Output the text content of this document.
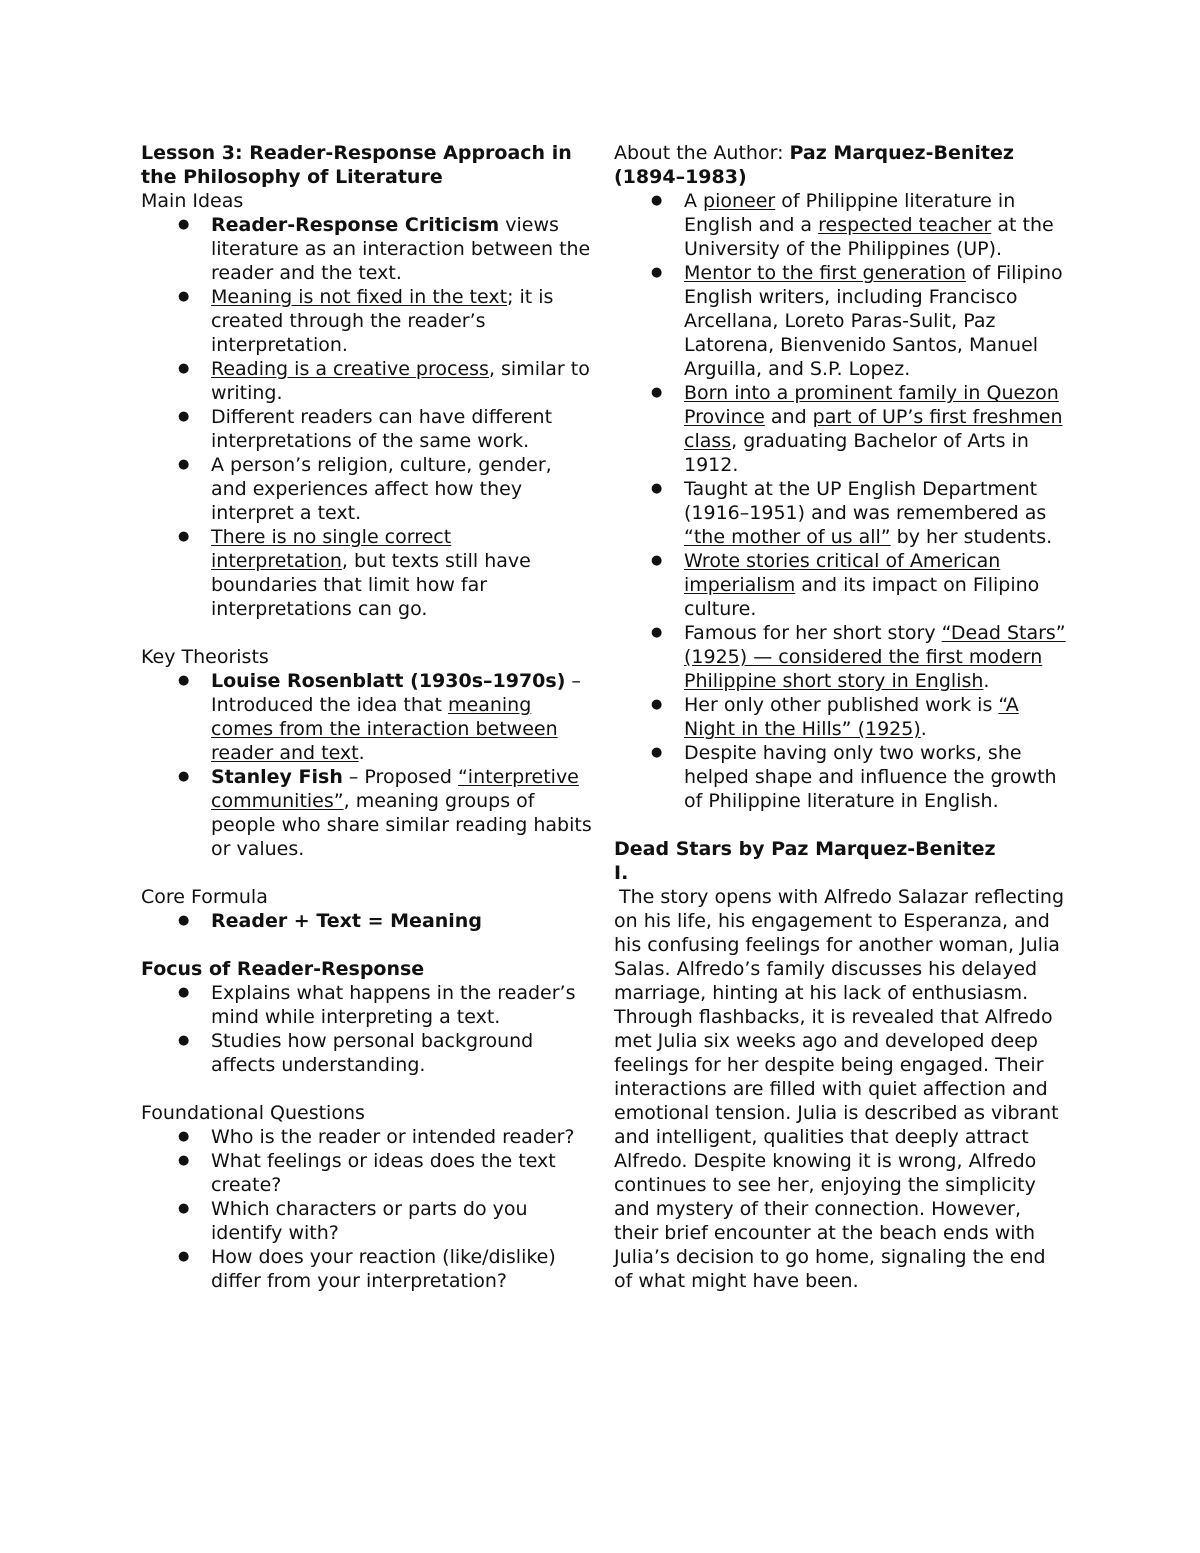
Lesson 3: Reader-Response Approach in the Philosophy of Literature

Main Ideas

● Reader-Response Criticism views literature as an interaction between the reader and the text.
● Meaning is not fixed in the text; it is created through the reader’s interpretation.
● Reading is a creative process, similar to writing.
● Different readers can have different interpretations of the same work.
● A person’s religion, culture, gender, and experiences affect how they interpret a text.
● There is no single correct interpretation, but texts still have boundaries that limit how far interpretations can go.

Key Theorists

● Louise Rosenblatt (1930s–1970s) – Introduced the idea that meaning comes from the interaction between reader and text.
● Stanley Fish – Proposed “interpretive communities”, meaning groups of people who share similar reading habits or values.

Core Formula

● Reader + Text = Meaning
Focus of Reader-Response
● Explains what happens in the reader’s mind while interpreting a text.
● Studies how personal background affects understanding.

Foundational Questions

● Who is the reader or intended reader?
● What feelings or ideas does the text create?
● Which characters or parts do you identify with?
● How does your reaction (like/dislike) differ from your interpretation?

About the Author: Paz Marquez-Benitez (1894–1983)

● A pioneer of Philippine literature in English and a respected teacher at the University of the Philippines (UP).
● Mentor to the first generation of Filipino English writers, including Francisco Arcellana, Loreto Paras-Sulit, Paz Latorena, Bienvenido Santos, Manuel Arguilla, and S.P. Lopez.
● Born into a prominent family in Quezon Province and part of UP’s first freshmen class, graduating Bachelor of Arts in 1912.
● Taught at the UP English Department (1916–1951) and was remembered as “the mother of us all” by her students.
● Wrote stories critical of American imperialism and its impact on Filipino culture.
● Famous for her short story “Dead Stars” (1925) — considered the first modern Philippine short story in English.
● Her only other published work is “A Night in the Hills” (1925).
● Despite having only two works, she helped shape and influence the growth of Philippine literature in English.
Dead Stars by Paz Marquez-Benitez
I.

The story opens with Alfredo Salazar reflecting on his life, his engagement to Esperanza, and his confusing feelings for another woman, Julia Salas. Alfredo’s family discusses his delayed marriage, hinting at his lack of enthusiasm. Through flashbacks, it is revealed that Alfredo met Julia six weeks ago and developed deep feelings for her despite being engaged. Their interactions are filled with quiet affection and emotional tension. Julia is described as vibrant and intelligent, qualities that deeply attract Alfredo. Despite knowing it is wrong, Alfredo continues to see her, enjoying the simplicity and mystery of their connection. However, their brief encounter at the beach ends with Julia’s decision to go home, signaling the end of what might have been.
